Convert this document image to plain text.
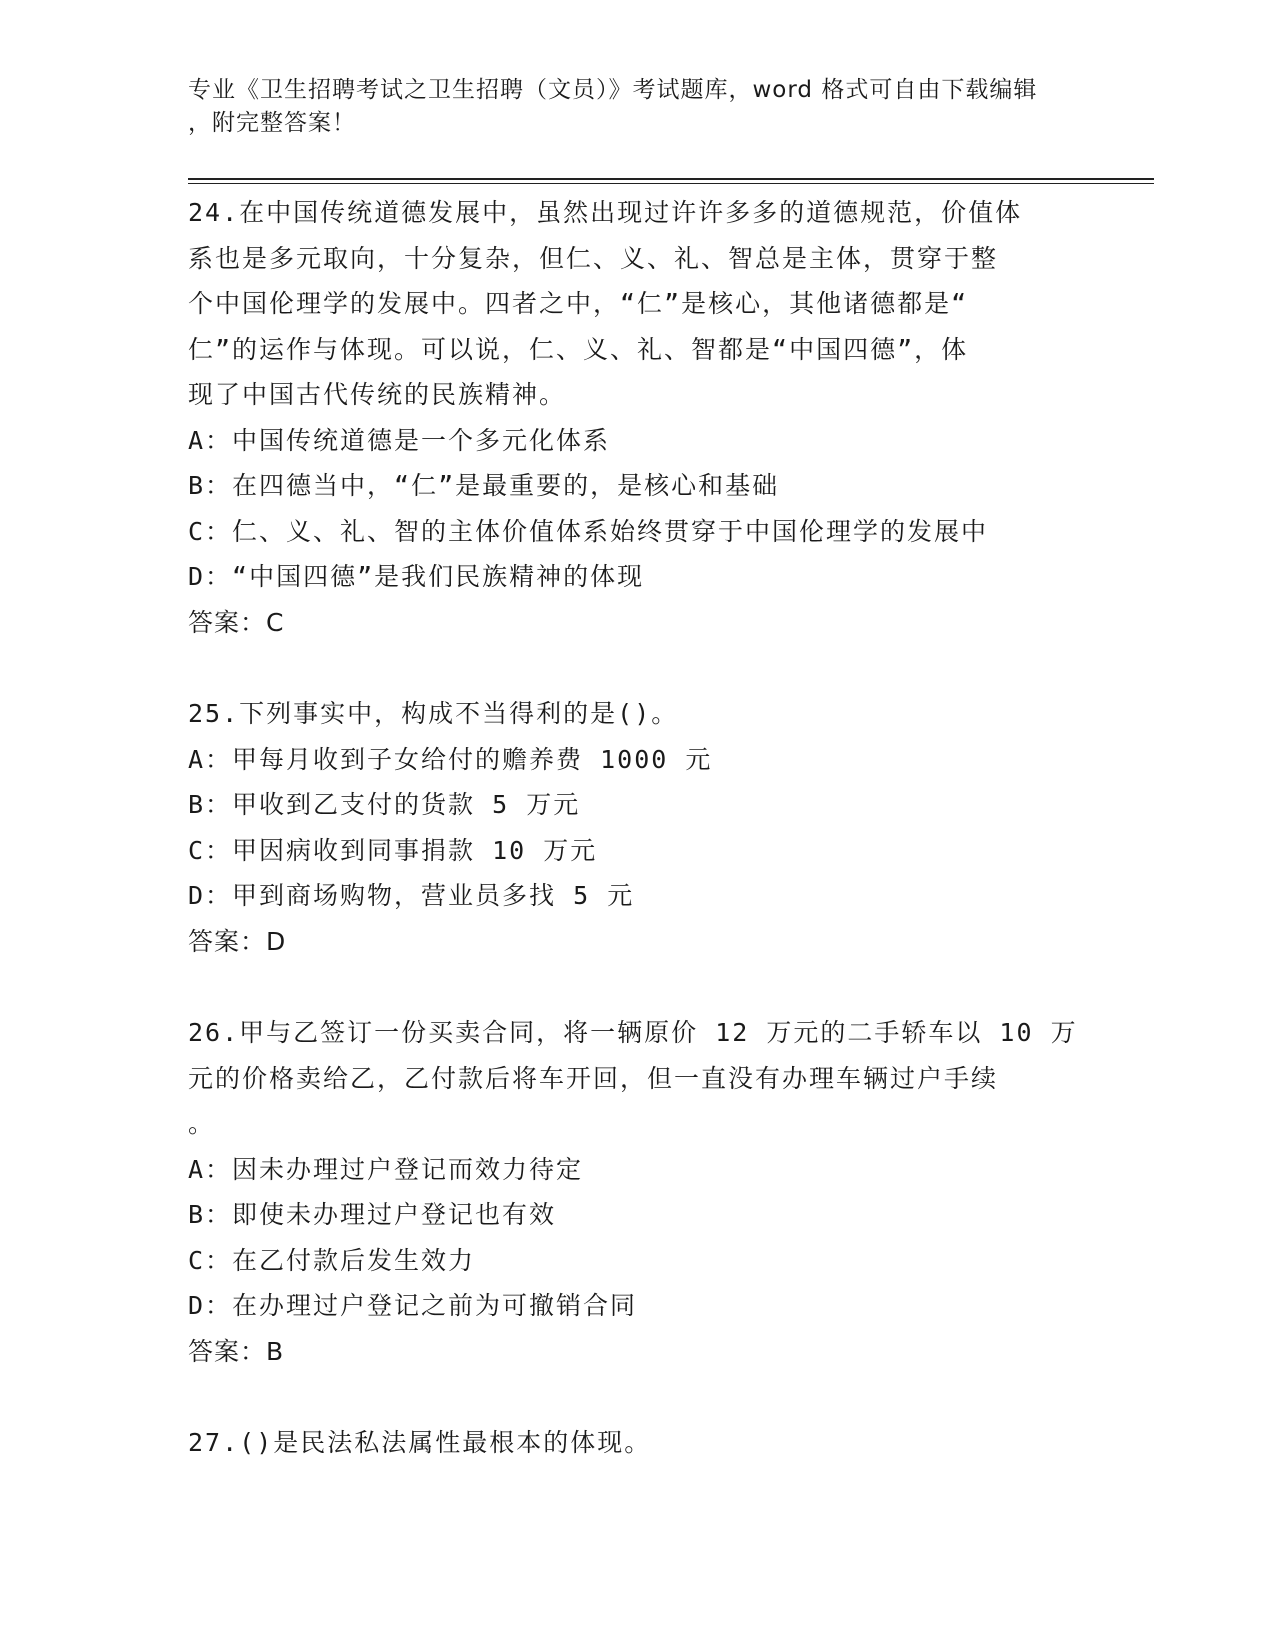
专业《卫生招聘考试之卫生招聘（文员）》考试题库，word 格式可自由下载编辑
，附完整答案！
24.在中国传统道德发展中，虽然出现过许许多多的道德规范，价值体
系也是多元取向，十分复杂，但仁、义、礼、智总是主体，贯穿于整
个中国伦理学的发展中。四者之中，“仁”是核心，其他诸德都是“
仁”的运作与体现。可以说，仁、义、礼、智都是“中国四德”，体
现了中国古代传统的民族精神。
A：中国传统道德是一个多元化体系
B：在四德当中，“仁”是最重要的，是核心和基础
C：仁、义、礼、智的主体价值体系始终贯穿于中国伦理学的发展中
D：“中国四德”是我们民族精神的体现
答案：C
25.下列事实中，构成不当得利的是()。
A：甲每月收到子女给付的赡养费 1000 元
B：甲收到乙支付的货款 5 万元
C：甲因病收到同事捐款 10 万元
D：甲到商场购物，营业员多找 5 元
答案：D
26.甲与乙签订一份买卖合同，将一辆原价 12 万元的二手轿车以 10 万
元的价格卖给乙，乙付款后将车开回，但一直没有办理车辆过户手续
。
A：因未办理过户登记而效力待定
B：即使未办理过户登记也有效
C：在乙付款后发生效力
D：在办理过户登记之前为可撤销合同
答案：B
27.()是民法私法属性最根本的体现。
